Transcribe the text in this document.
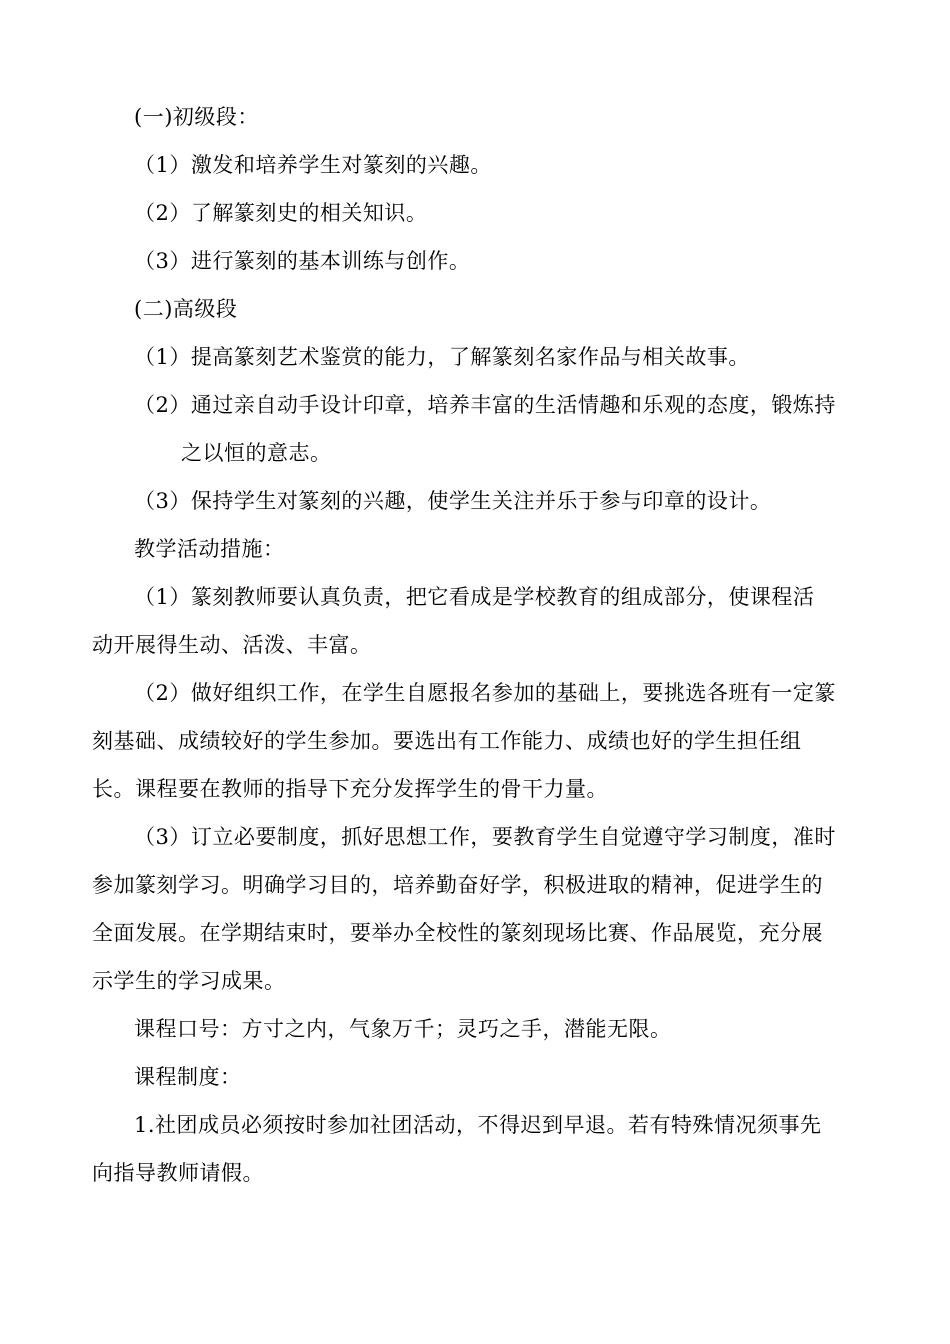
(一)初级段：
（1）激发和培养学生对篆刻的兴趣。
（2）了解篆刻史的相关知识。
（3）进行篆刻的基本训练与创作。
(二)高级段
（1）提高篆刻艺术鉴赏的能力，了解篆刻名家作品与相关故事。
（2）通过亲自动手设计印章，培养丰富的生活情趣和乐观的态度，锻炼持
之以恒的意志。
（3）保持学生对篆刻的兴趣，使学生关注并乐于参与印章的设计。
教学活动措施：
（1）篆刻教师要认真负责，把它看成是学校教育的组成部分，使课程活
动开展得生动、活泼、丰富。
（2）做好组织工作，在学生自愿报名参加的基础上，要挑选各班有一定篆
刻基础、成绩较好的学生参加。要选出有工作能力、成绩也好的学生担任组
长。课程要在教师的指导下充分发挥学生的骨干力量。
（3）订立必要制度，抓好思想工作，要教育学生自觉遵守学习制度，准时
参加篆刻学习。明确学习目的，培养勤奋好学，积极进取的精神，促进学生的
全面发展。在学期结束时，要举办全校性的篆刻现场比赛、作品展览，充分展
示学生的学习成果。
课程口号：方寸之内，气象万千；灵巧之手，潜能无限。
课程制度：
1.社团成员必须按时参加社团活动，不得迟到早退。若有特殊情况须事先
向指导教师请假。
